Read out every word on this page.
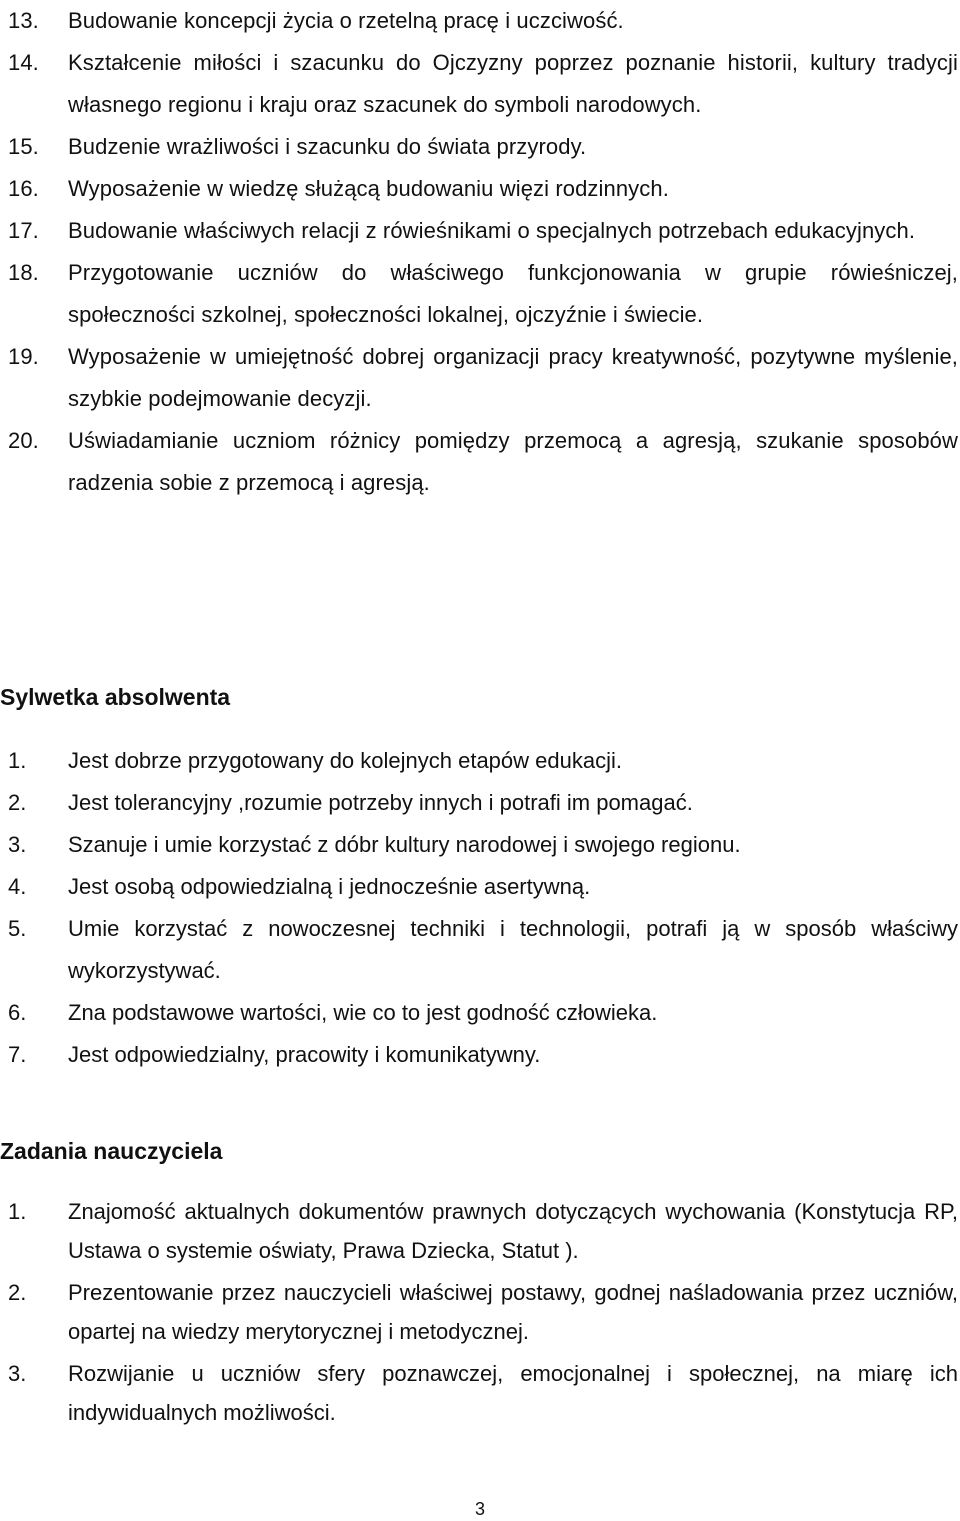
13.	Budowanie koncepcji życia o rzetelną pracę i uczciwość.
14.	Kształcenie miłości i szacunku do Ojczyzny poprzez poznanie historii, kultury tradycji własnego regionu i kraju oraz szacunek do symboli narodowych.
15.	Budzenie wrażliwości i szacunku do świata przyrody.
16.	Wyposażenie w wiedzę służącą budowaniu więzi rodzinnych.
17.	Budowanie właściwych relacji z rówieśnikami o specjalnych potrzebach edukacyjnych.
18.	Przygotowanie uczniów do właściwego funkcjonowania w grupie rówieśniczej, społeczności szkolnej, społeczności lokalnej, ojczyźnie i świecie.
19.	Wyposażenie w umiejętność dobrej organizacji pracy kreatywność, pozytywne myślenie, szybkie podejmowanie decyzji.
20.	Uświadamianie uczniom różnicy pomiędzy przemocą a agresją, szukanie sposobów radzenia sobie z przemocą i agresją.
Sylwetka absolwenta
1.	Jest dobrze przygotowany do kolejnych etapów edukacji.
2.	Jest tolerancyjny ,rozumie potrzeby innych i potrafi im pomagać.
3.	Szanuje i umie korzystać z dóbr kultury narodowej i swojego regionu.
4.	Jest osobą odpowiedzialną i jednocześnie asertywną.
5.	Umie korzystać z nowoczesnej techniki i technologii, potrafi ją w sposób właściwy wykorzystywać.
6.	Zna podstawowe wartości, wie co to jest godność człowieka.
7.	Jest odpowiedzialny, pracowity i komunikatywny.
Zadania nauczyciela
1.	Znajomość aktualnych dokumentów prawnych dotyczących wychowania (Konstytucja RP, Ustawa o systemie oświaty, Prawa Dziecka, Statut ).
2.	Prezentowanie przez nauczycieli właściwej postawy, godnej naśladowania przez uczniów, opartej na wiedzy merytorycznej i metodycznej.
3.	Rozwijanie u uczniów sfery poznawczej, emocjonalnej i społecznej, na miarę ich indywidualnych możliwości.
3
